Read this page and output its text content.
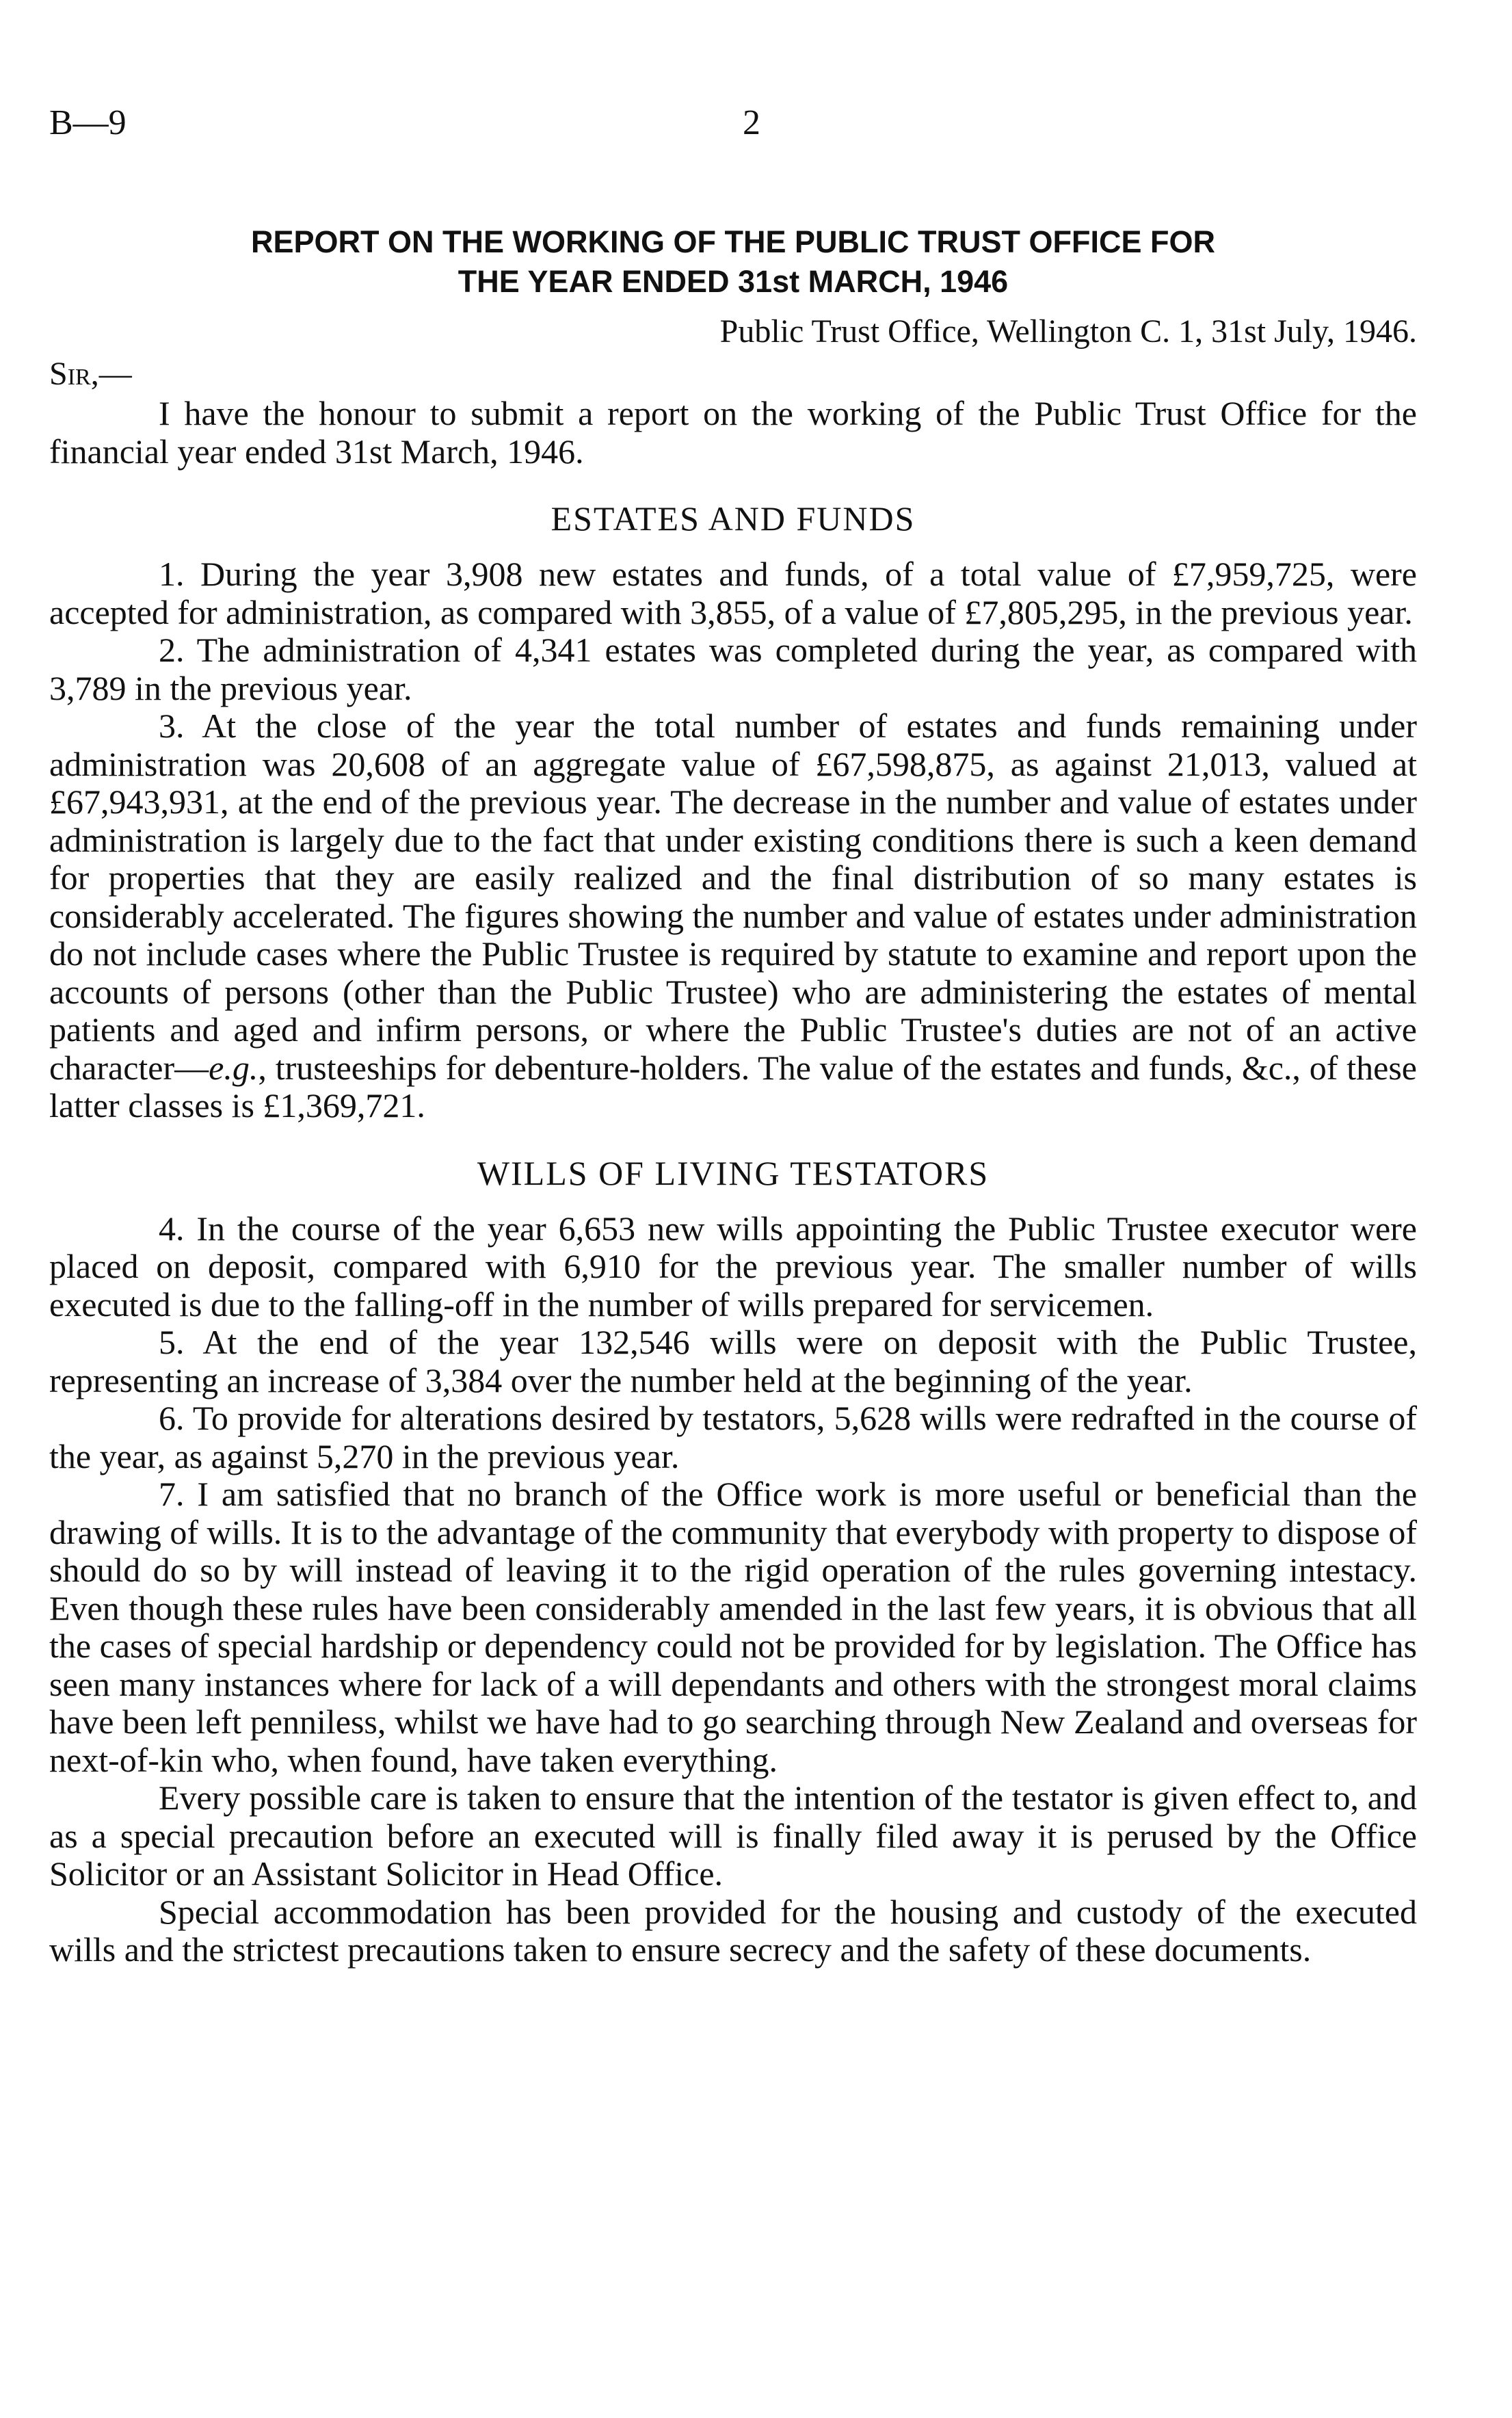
B—9	2
REPORT ON THE WORKING OF THE PUBLIC TRUST OFFICE FOR
THE YEAR ENDED 31st MARCH, 1946
Public Trust Office, Wellington C. 1, 31st July, 1946.
Sir,—

I have the honour to submit a report on the working of the Public Trust Office for the financial year ended 31st March, 1946.

ESTATES AND FUNDS

1. During the year 3,908 new estates and funds, of a total value of £7,959,725, were accepted for administration, as compared with 3,855, of a value of £7,805,295, in the previous year.

2. The administration of 4,341 estates was completed during the year, as compared with 3,789 in the previous year.

3. At the close of the year the total number of estates and funds remaining under administration was 20,608 of an aggregate value of £67,598,875, as against 21,013, valued at £67,943,931, at the end of the previous year. The decrease in the number and value of estates under administration is largely due to the fact that under existing conditions there is such a keen demand for properties that they are easily realized and the final distribution of so many estates is considerably accelerated. The figures showing the number and value of estates under administration do not include cases where the Public Trustee is required by statute to examine and report upon the accounts of persons (other than the Public Trustee) who are administering the estates of mental patients and aged and infirm persons, or where the Public Trustee's duties are not of an active character—e.g., trusteeships for debenture-holders. The value of the estates and funds, &c., of these latter classes is £1,369,721.

WILLS OF LIVING TESTATORS

4. In the course of the year 6,653 new wills appointing the Public Trustee executor were placed on deposit, compared with 6,910 for the previous year. The smaller number of wills executed is due to the falling-off in the number of wills prepared for servicemen.

5. At the end of the year 132,546 wills were on deposit with the Public Trustee, representing an increase of 3,384 over the number held at the beginning of the year.

6. To provide for alterations desired by testators, 5,628 wills were redrafted in the course of the year, as against 5,270 in the previous year.

7. I am satisfied that no branch of the Office work is more useful or beneficial than the drawing of wills. It is to the advantage of the community that everybody with property to dispose of should do so by will instead of leaving it to the rigid operation of the rules governing intestacy. Even though these rules have been considerably amended in the last few years, it is obvious that all the cases of special hardship or dependency could not be provided for by legislation. The Office has seen many instances where for lack of a will dependants and others with the strongest moral claims have been left penniless, whilst we have had to go searching through New Zealand and overseas for next-of-kin who, when found, have taken everything.

Every possible care is taken to ensure that the intention of the testator is given effect to, and as a special precaution before an executed will is finally filed away it is perused by the Office Solicitor or an Assistant Solicitor in Head Office.

Special accommodation has been provided for the housing and custody of the executed wills and the strictest precautions taken to ensure secrecy and the safety of these documents.
